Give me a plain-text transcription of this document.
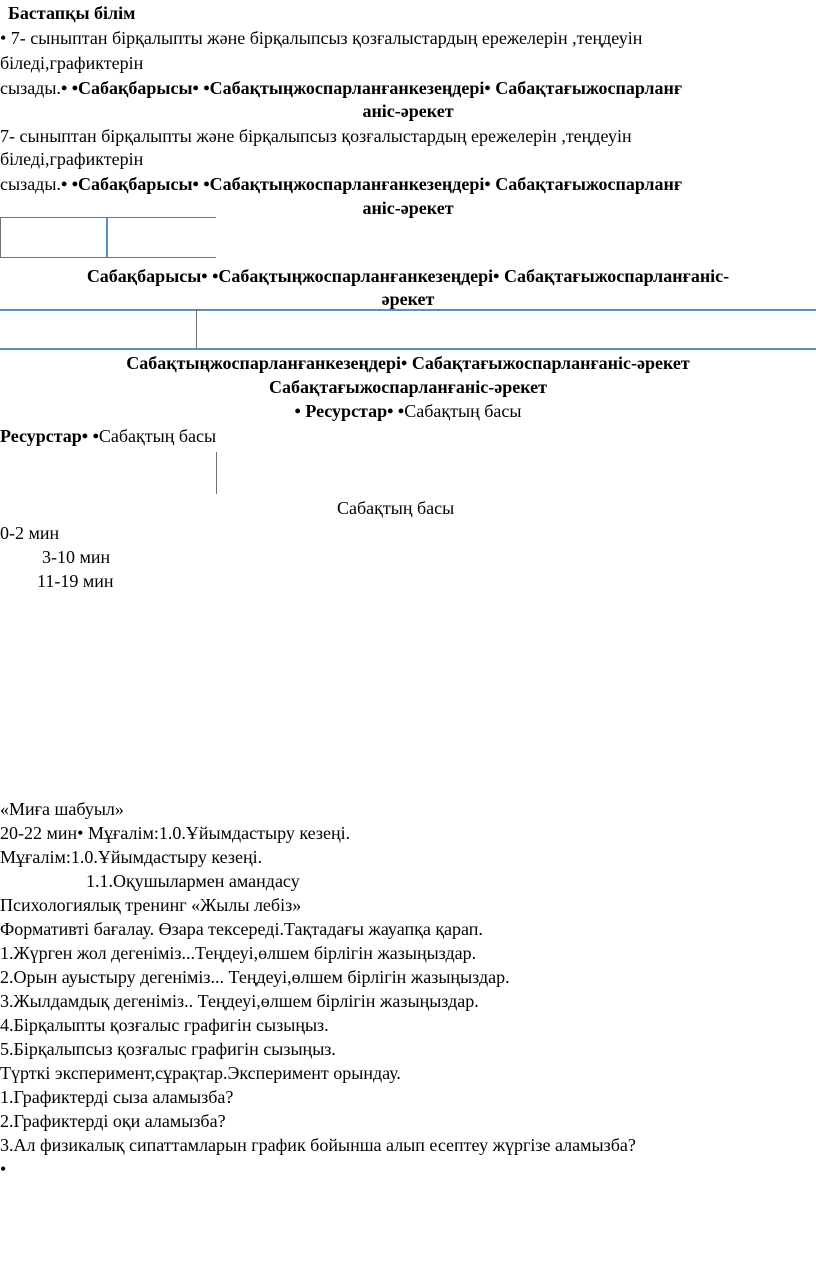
Бастапқы білім
• 7- сыныптан бірқалыпты және бірқалыпсыз қозғалыстардың ережелерін ,теңдеуін
біледі,графиктерін
сызады.• •Сабақбарысы• •Сабақтыңжоспарланғанкезеңдері• Сабақтағыжоспарланғ
аніс-әрекет
7- сыныптан бірқалыпты және бірқалыпсыз қозғалыстардың ережелерін ,теңдеуін
біледі,графиктерін
сызады.• •Сабақбарысы• •Сабақтыңжоспарланғанкезеңдері• Сабақтағыжоспарланғ
аніс-әрекет
Сабақбарысы• •Сабақтыңжоспарланғанкезеңдері• Сабақтағыжоспарланғаніс-
әрекет
Сабақтыңжоспарланғанкезеңдері• Сабақтағыжоспарланғаніс-әрекет
Сабақтағыжоспарланғаніс-әрекет
• Ресурстар• •Сабақтың басы
Ресурстар• •Сабақтың басы
Сабақтың басы
0-2 мин
3-10 мин
11-19 мин
«Миға шабуыл»
20-22 мин• Мұғалім:1.0.Ұйымдастыру кезеңі.
Мұғалім:1.0.Ұйымдастыру кезеңі.
1.1.Оқушылармен амандасу
Психологиялық тренинг «Жылы лебіз»
Формативті бағалау. Өзара тексереді.Тақтадағы жауапқа қарап.
1.Жүрген жол дегеніміз...Теңдеуі,өлшем бірлігін жазыңыздар.
2.Орын ауыстыру дегеніміз... Теңдеуі,өлшем бірлігін жазыңыздар.
3.Жылдамдық дегеніміз.. Теңдеуі,өлшем бірлігін жазыңыздар.
4.Бірқалыпты қозғалыс графигін сызыңыз.
5.Бірқалыпсыз қозғалыс графигін сызыңыз.
Түрткі эксперимент,сұрақтар.Эксперимент орындау.
1.Графиктерді сыза аламызба?
2.Графиктерді оқи аламызба?
3.Ал физикалық сипаттамларын график бойынша алып есептеу жүргізе аламызба?
•
